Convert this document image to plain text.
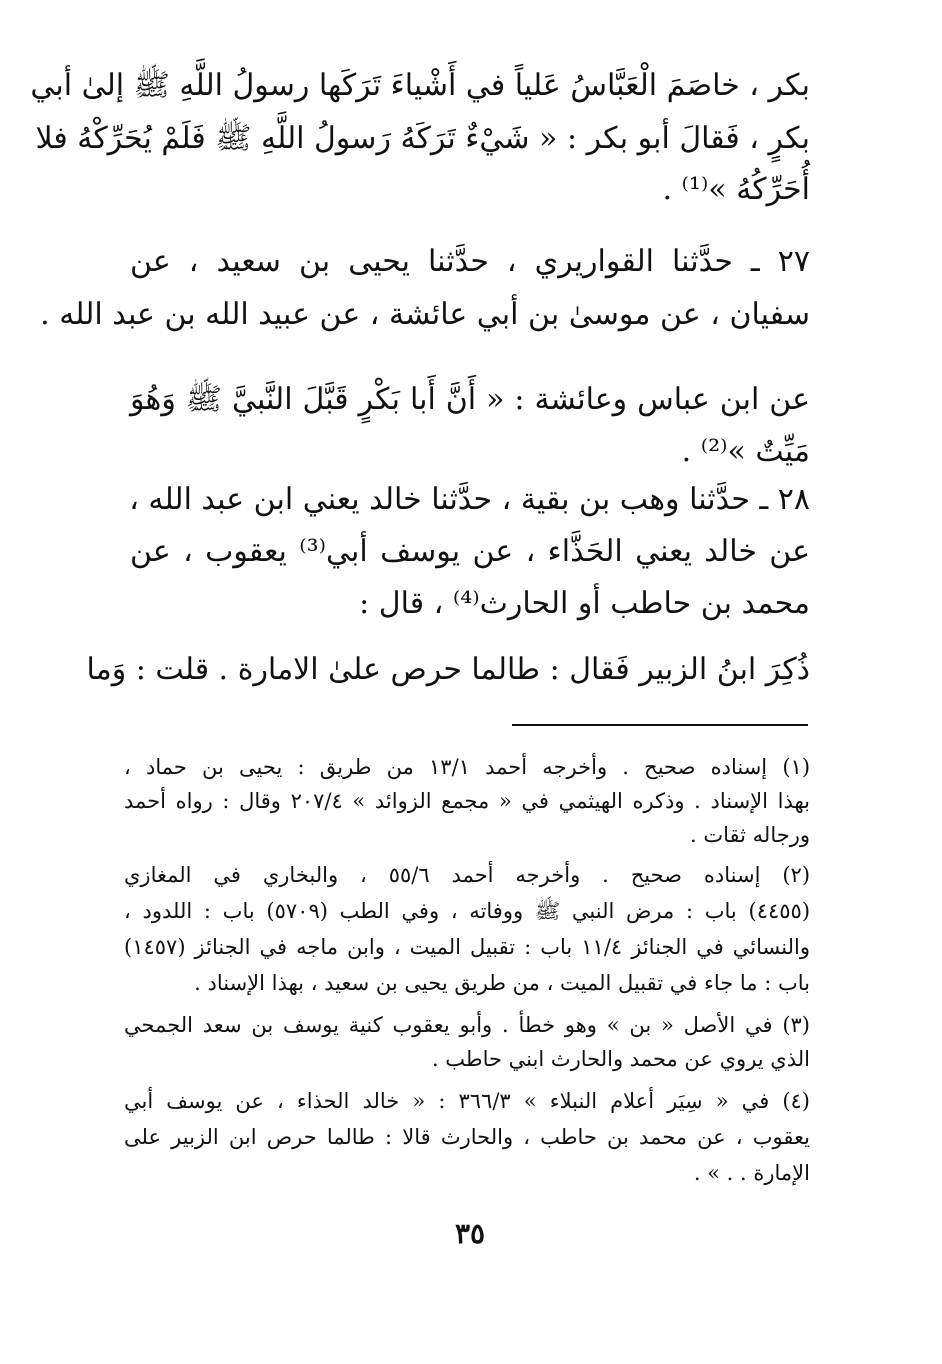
بكر ، خاصَمَ الْعَبَّاسُ عَلياً في أَشْياءَ تَرَكَها رسولُ اللَّهِ ﷺ إلىٰ أبي
بكرٍ ، فَقالَ أبو بكر : « شَيْءٌ تَرَكَهُ رَسولُ اللَّهِ ﷺ فَلَمْ يُحَرِّكْهُ فلا
أُحَرِّكُهُ »⁽¹⁾ .
٢٧ ـ حدَّثنا القواريري ، حدَّثنا يحيى بن سعيد ، عن
سفيان ، عن موسىٰ بن أبي عائشة ، عن عبيد الله بن عبد الله .
عن ابن عباس وعائشة : « أَنَّ أَبا بَكْرٍ قَبَّلَ النَّبيَّ ﷺ وَهُوَ
مَيِّتٌ »⁽²⁾ .
٢٨ ـ حدَّثنا وهب بن بقية ، حدَّثنا خالد يعني ابن عبد الله ،
عن خالد يعني الحَذَّاء ، عن يوسف أبي⁽³⁾ يعقوب ، عن
محمد بن حاطب أو الحارث⁽⁴⁾ ، قال :
ذُكِرَ ابنُ الزبير فَقال : طالما حرص علىٰ الامارة . قلت : وَما
(١) إسناده صحيح . وأخرجه أحمد ١٣/١ من طريق : يحيى بن حماد ،
بهذا الإسناد . وذكره الهيثمي في « مجمع الزوائد » ٢٠٧/٤ وقال : رواه أحمد
ورجاله ثقات .
(٢) إسناده صحيح . وأخرجه أحمد ٥٥/٦ ، والبخاري في المغازي
(٤٤٥٥) باب : مرض النبي ﷺ ووفاته ، وفي الطب (٥٧٠٩) باب : اللدود ،
والنسائي في الجنائز ١١/٤ باب : تقبيل الميت ، وابن ماجه في الجنائز (١٤٥٧)
باب : ما جاء في تقبيل الميت ، من طريق يحيى بن سعيد ، بهذا الإسناد .
(٣) في الأصل « بن » وهو خطأ . وأبو يعقوب كنية يوسف بن سعد الجمحي
الذي يروي عن محمد والحارث ابني حاطب .
(٤) في « سِيَر أعلام النبلاء » ٣٦٦/٣ : « خالد الحذاء ، عن يوسف أبي
يعقوب ، عن محمد بن حاطب ، والحارث قالا : طالما حرص ابن الزبير على
الإمارة . . » .
٣٥
